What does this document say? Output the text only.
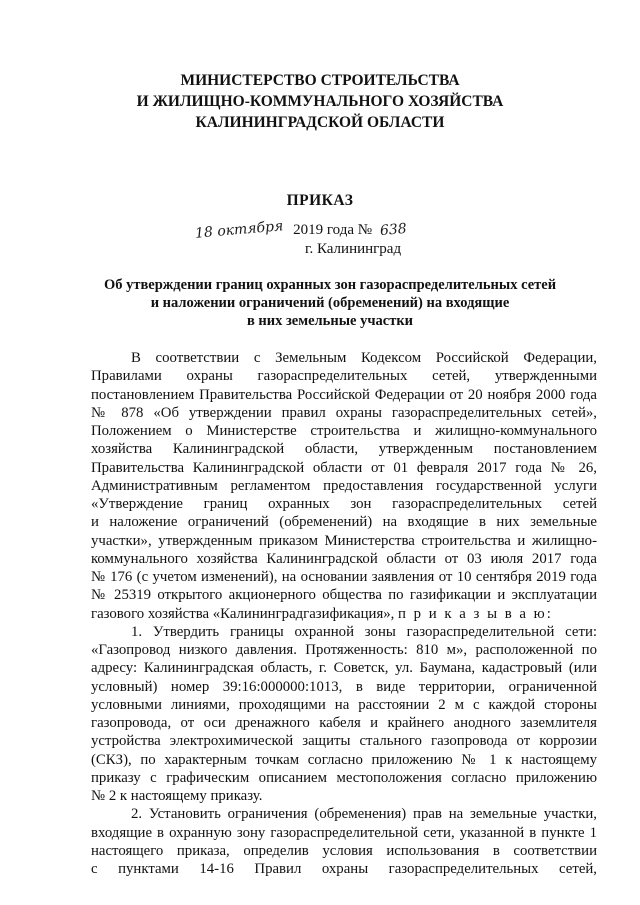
МИНИСТЕРСТВО СТРОИТЕЛЬСТВА
И ЖИЛИЩНО-КОММУНАЛЬНОГО ХОЗЯЙСТВА
КАЛИНИНГРАДСКОЙ ОБЛАСТИ
ПРИКАЗ
18 октября 2019 года № 638
г. Калининград
Об утверждении границ охранных зон газораспределительных сетей
и наложении ограничений (обременений) на входящие
в них земельные участки
В соответствии с Земельным Кодексом Российской Федерации,
Правилами охраны газораспределительных сетей, утвержденными
постановлением Правительства Российской Федерации от 20 ноября 2000 года
№ 878 «Об утверждении правил охраны газораспределительных сетей»,
Положением о Министерстве строительства и жилищно-коммунального
хозяйства Калининградской области, утвержденным постановлением
Правительства Калининградской области от 01 февраля 2017 года № 26,
Административным регламентом предоставления государственной услуги
«Утверждение границ охранных зон газораспределительных сетей
и наложение ограничений (обременений) на входящие в них земельные
участки», утвержденным приказом Министерства строительства и жилищно-
коммунального хозяйства Калининградской области от 03 июля 2017 года
№ 176 (с учетом изменений), на основании заявления от 10 сентября 2019 года
№ 25319 открытого акционерного общества по газификации и эксплуатации
газового хозяйства «Калининградгазификация», п р и к а з ы в а ю:
1. Утвердить границы охранной зоны газораспределительной сети:
«Газопровод низкого давления. Протяженность: 810 м», расположенной по
адресу: Калининградская область, г. Советск, ул. Баумана, кадастровый (или
условный) номер 39:16:000000:1013, в виде территории, ограниченной
условными линиями, проходящими на расстоянии 2 м с каждой стороны
газопровода, от оси дренажного кабеля и крайнего анодного заземлителя
устройства электрохимической защиты стального газопровода от коррозии
(СКЗ), по характерным точкам согласно приложению № 1 к настоящему
приказу с графическим описанием местоположения согласно приложению
№ 2 к настоящему приказу.
2. Установить ограничения (обременения) прав на земельные участки,
входящие в охранную зону газораспределительной сети, указанной в пункте 1
настоящего приказа, определив условия использования в соответствии
с пунктами 14-16 Правил охраны газораспределительных сетей,
